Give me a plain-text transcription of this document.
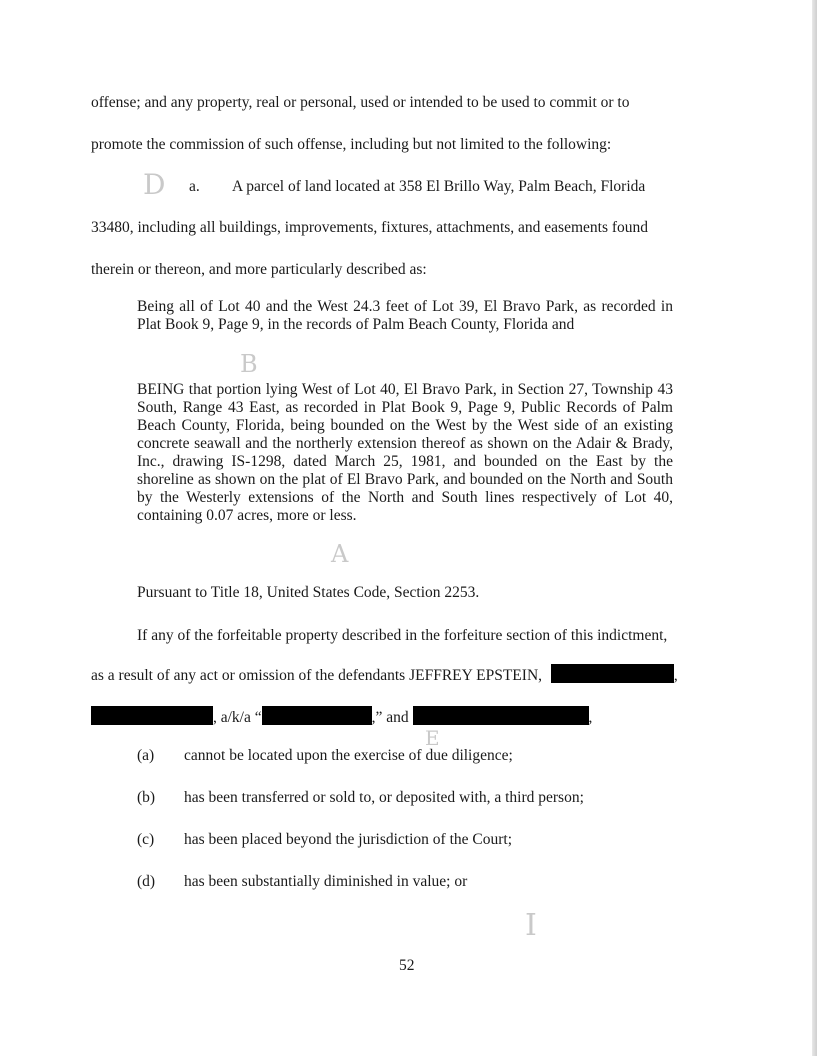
offense; and any property, real or personal, used or intended to be used to commit or to
promote the commission of such offense, including but not limited to the following:
D a. A parcel of land located at 358 El Brillo Way, Palm Beach, Florida
33480, including all buildings, improvements, fixtures, attachments, and easements found
therein or thereon, and more particularly described as:
Being all of Lot 40 and the West 24.3 feet of Lot 39, El Bravo Park, as recorded in Plat Book 9, Page 9, in the records of Palm Beach County, Florida and
B
BEING that portion lying West of Lot 40, El Bravo Park, in Section 27, Township 43 South, Range 43 East, as recorded in Plat Book 9, Page 9, Public Records of Palm Beach County, Florida, being bounded on the West by the West side of an existing concrete seawall and the northerly extension thereof as shown on the Adair & Brady, Inc., drawing IS-1298, dated March 25, 1981, and bounded on the East by the shoreline as shown on the plat of El Bravo Park, and bounded on the North and South by the Westerly extensions of the North and South lines respectively of Lot 40, containing 0.07 acres, more or less.
A
Pursuant to Title 18, United States Code, Section 2253.
If any of the forfeitable property described in the forfeiture section of this indictment,
as a result of any act or omission of the defendants JEFFREY EPSTEIN,	,
, a/k/a “	,” and	,
E
(a)	cannot be located upon the exercise of due diligence;
(b)	has been transferred or sold to, or deposited with, a third person;
(c)	has been placed beyond the jurisdiction of the Court;
(d)	has been substantially diminished in value; or
I
52
